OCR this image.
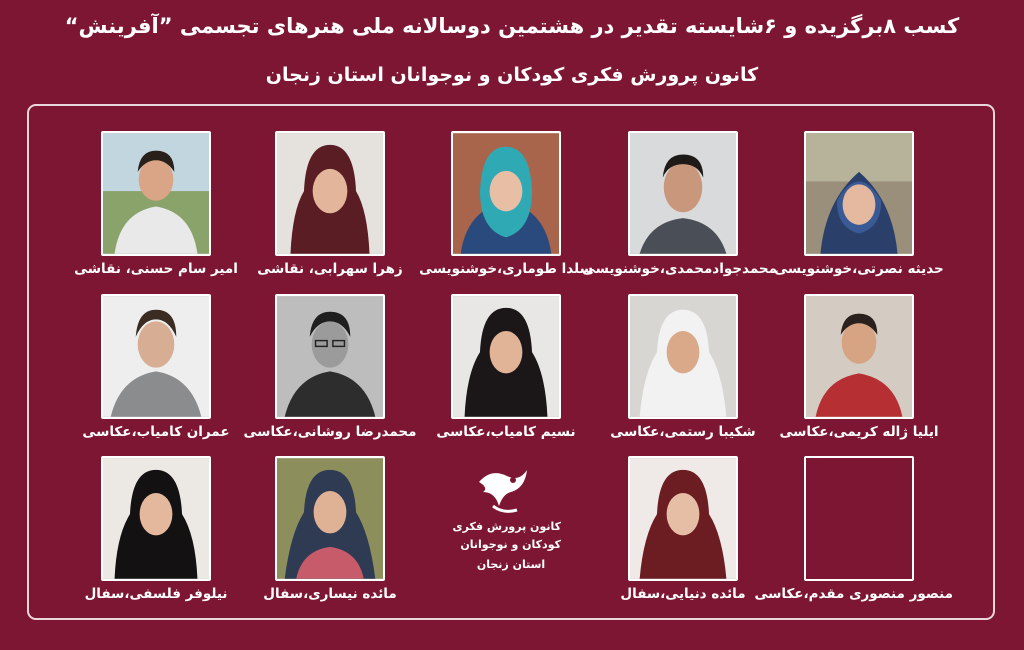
کسب ۸برگزیده و ۶شایسته تقدیر در هشتمین دوسالانه ملی هنرهای تجسمی ”آفرینش“
کانون پرورش فکری کودکان و نوجوانان استان زنجان
حدیثه نصرتی،خوشنویسی
محمدجوادمحمدی،خوشنویسی
سلدا طوماری،خوشنویسی
زهرا سهرابی، نقاشی
امیر سام حسنی، نقاشی
ایلیا ژاله کریمی،عکاسی
شکیبا رستمی،عکاسی
نسیم کامیاب،عکاسی
محمدرضا روشانی،عکاسی
عمران کامیاب،عکاسی
منصور منصوری مقدم،عکاسی
مائده دنیایی،سفال
مائده نیساری،سفال
نیلوفر فلسفی،سفال
کانون پرورش فکری
کودکان و نوجوانان
استان زنجان
